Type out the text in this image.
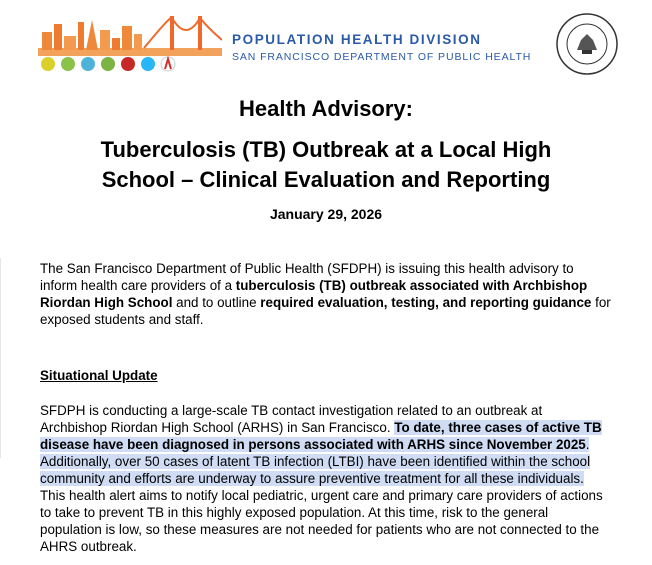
POPULATION HEALTH DIVISION
SAN FRANCISCO DEPARTMENT OF PUBLIC HEALTH
Health Advisory:
Tuberculosis (TB) Outbreak at a Local High
School – Clinical Evaluation and Reporting
January 29, 2026

The San Francisco Department of Public Health (SFDPH) is issuing this health advisory to inform health care providers of a tuberculosis (TB) outbreak associated with Archbishop Riordan High School and to outline required evaluation, testing, and reporting guidance for exposed students and staff.

Situational Update

SFDPH is conducting a large-scale TB contact investigation related to an outbreak at Archbishop Riordan High School (ARHS) in San Francisco. To date, three cases of active TB disease have been diagnosed in persons associated with ARHS since November 2025. Additionally, over 50 cases of latent TB infection (LTBI) have been identified within the school community and efforts are underway to assure preventive treatment for all these individuals. This health alert aims to notify local pediatric, urgent care and primary care providers of actions to take to prevent TB in this highly exposed population. At this time, risk to the general population is low, so these measures are not needed for patients who are not connected to the AHRS outbreak.
